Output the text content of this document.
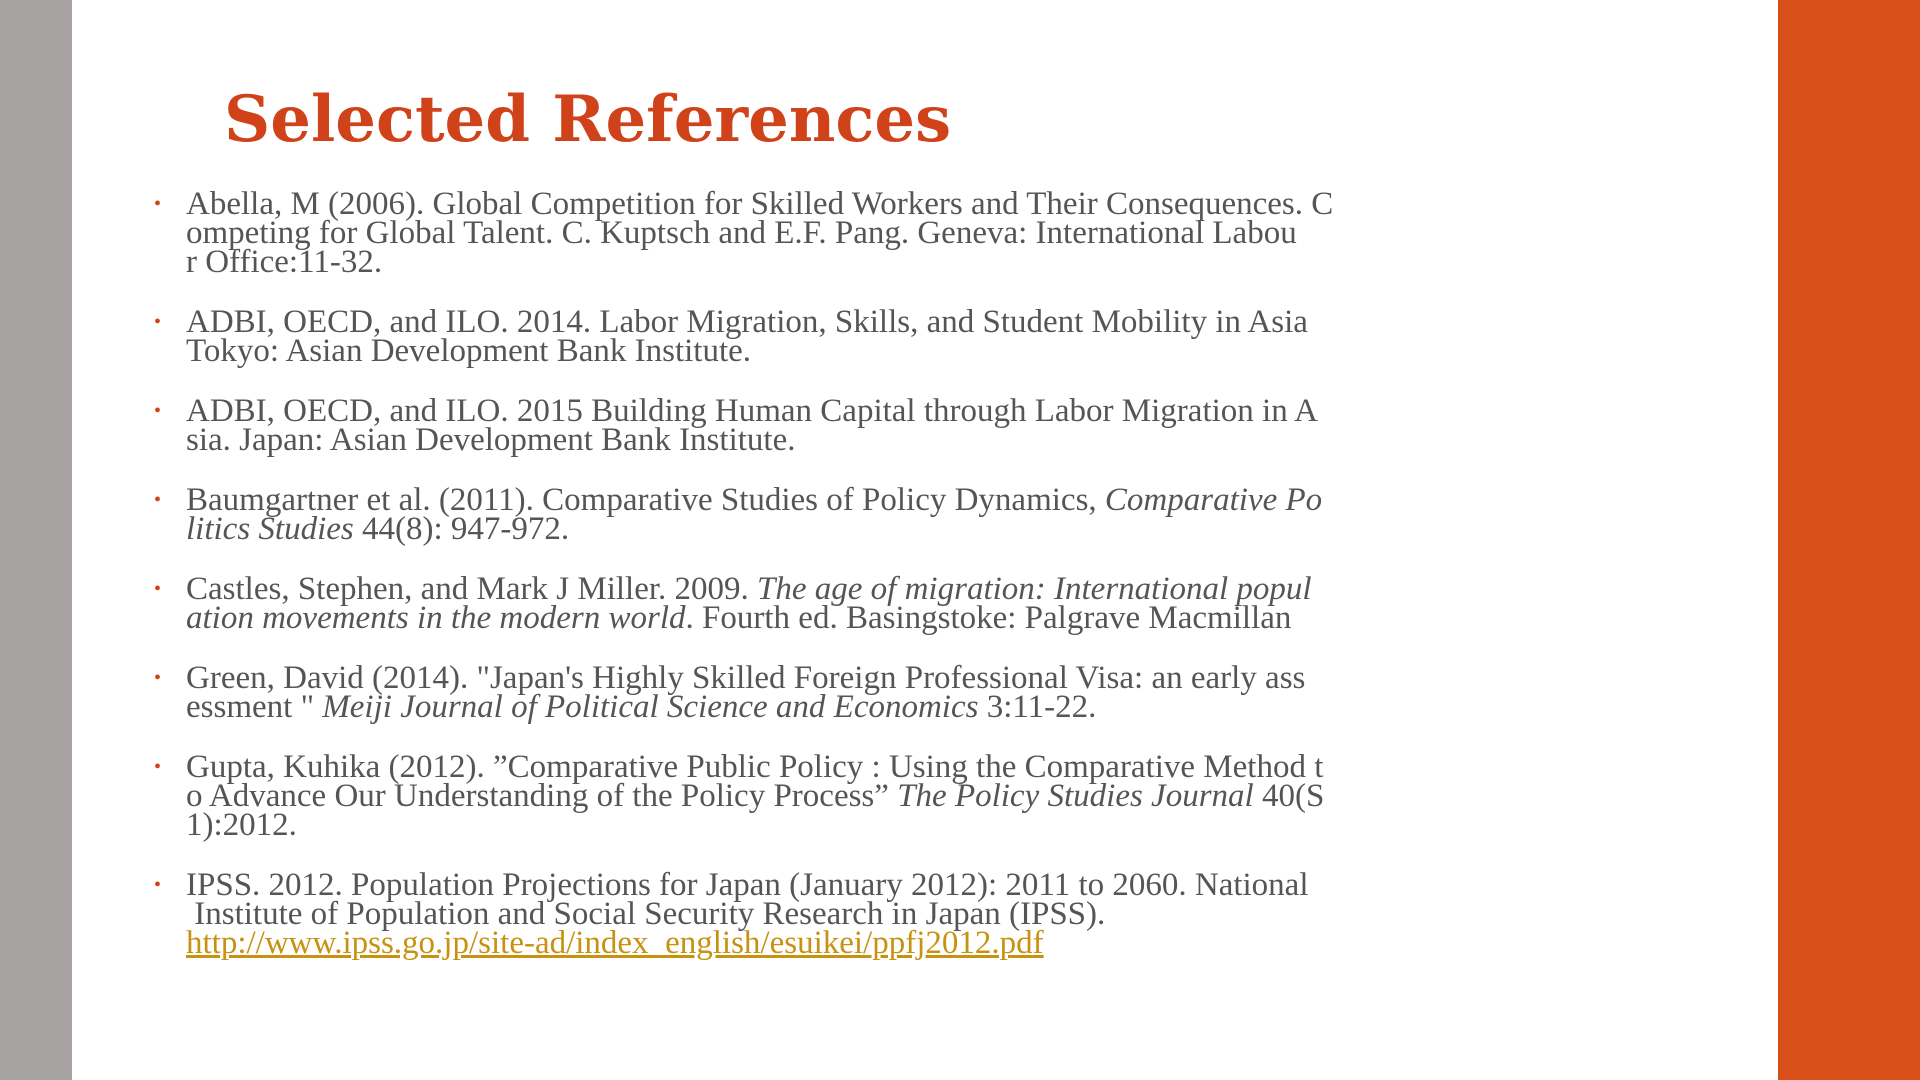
Selected References
• Abella, M (2006). Global Competition for Skilled Workers and Their Consequences. C
ompeting for Global Talent. C. Kuptsch and E.F. Pang. Geneva: International Labou
r Office:11-32.
• ADBI, OECD, and ILO. 2014. Labor Migration, Skills, and Student Mobility in Asia
Tokyo: Asian Development Bank Institute.
• ADBI, OECD, and ILO. 2015 Building Human Capital through Labor Migration in A
sia. Japan: Asian Development Bank Institute.
• Baumgartner et al. (2011). Comparative Studies of Policy Dynamics, Comparative Po
litics Studies 44(8): 947-972.
• Castles, Stephen, and Mark J Miller. 2009. The age of migration: International popul
ation movements in the modern world. Fourth ed. Basingstoke: Palgrave Macmillan
• Green, David (2014). "Japan's Highly Skilled Foreign Professional Visa: an early ass
essment " Meiji Journal of Political Science and Economics 3:11-22.
• Gupta, Kuhika (2012). ”Comparative Public Policy : Using the Comparative Method t
o Advance Our Understanding of the Policy Process” The Policy Studies Journal 40(S
1):2012.
• IPSS. 2012. Population Projections for Japan (January 2012): 2011 to 2060. National
Institute of Population and Social Security Research in Japan (IPSS).
http://www.ipss.go.jp/site-ad/index_english/esuikei/ppfj2012.pdf
